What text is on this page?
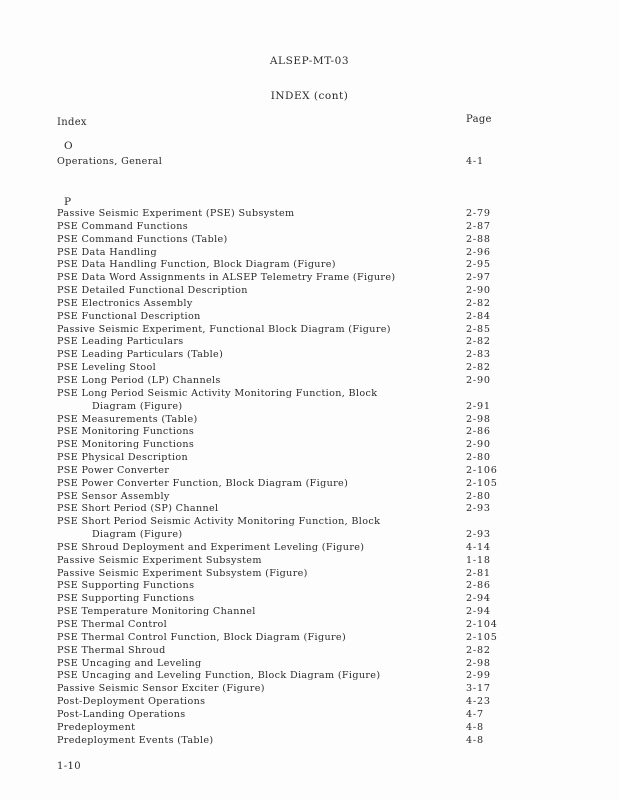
ALSEP-MT-03
INDEX (cont)
Index	Page
O
Operations, General	4-1
P
Passive Seismic Experiment (PSE) Subsystem	2-79
PSE Command Functions	2-87
PSE Command Functions (Table)	2-88
PSE Data Handling	2-96
PSE Data Handling Function, Block Diagram (Figure)	2-95
PSE Data Word Assignments in ALSEP Telemetry Frame (Figure)	2-97
PSE Detailed Functional Description	2-90
PSE Electronics Assembly	2-82
PSE Functional Description	2-84
Passive Seismic Experiment, Functional Block Diagram (Figure)	2-85
PSE Leading Particulars	2-82
PSE Leading Particulars (Table)	2-83
PSE Leveling Stool	2-82
PSE Long Period (LP) Channels	2-90
PSE Long Period Seismic Activity Monitoring Function, Block
Diagram (Figure)	2-91
PSE Measurements (Table)	2-98
PSE Monitoring Functions	2-86
PSE Monitoring Functions	2-90
PSE Physical Description	2-80
PSE Power Converter	2-106
PSE Power Converter Function, Block Diagram (Figure)	2-105
PSE Sensor Assembly	2-80
PSE Short Period (SP) Channel	2-93
PSE Short Period Seismic Activity Monitoring Function, Block
Diagram (Figure)	2-93
PSE Shroud Deployment and Experiment Leveling (Figure)	4-14
Passive Seismic Experiment Subsystem	1-18
Passive Seismic Experiment Subsystem (Figure)	2-81
PSE Supporting Functions	2-86
PSE Supporting Functions	2-94
PSE Temperature Monitoring Channel	2-94
PSE Thermal Control	2-104
PSE Thermal Control Function, Block Diagram (Figure)	2-105
PSE Thermal Shroud	2-82
PSE Uncaging and Leveling	2-98
PSE Uncaging and Leveling Function, Block Diagram (Figure)	2-99
Passive Seismic Sensor Exciter (Figure)	3-17
Post-Deployment Operations	4-23
Post-Landing Operations	4-7
Predeployment	4-8
Predeployment Events (Table)	4-8
1-10
